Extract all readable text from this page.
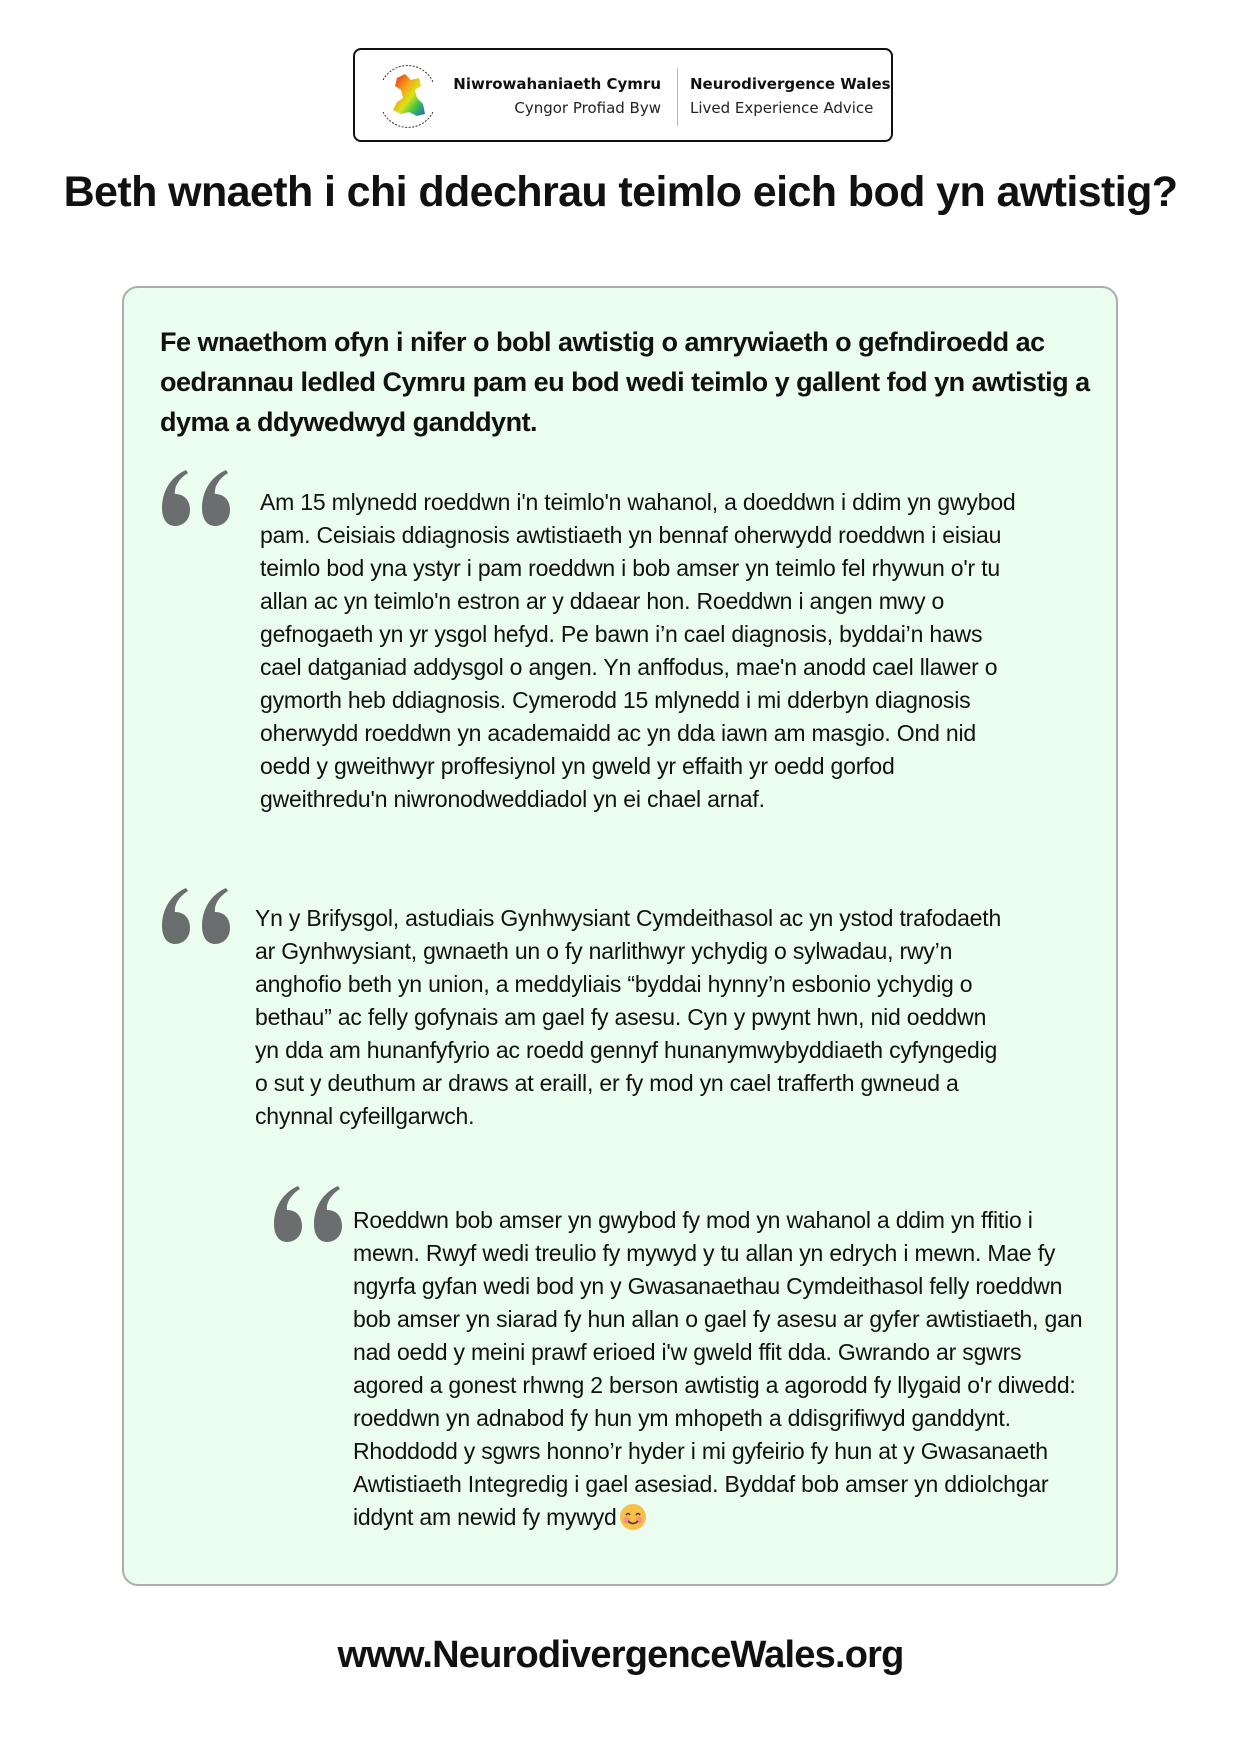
Niwrowahaniaeth Cymru
Cyngor Profiad Byw
Neurodivergence Wales
Lived Experience Advice
Beth wnaeth i chi ddechrau teimlo eich bod yn awtistig?

Fe wnaethom ofyn i nifer o bobl awtistig o amrywiaeth o gefndiroedd ac oedrannau ledled Cymru pam eu bod wedi teimlo y gallent fod yn awtistig a dyma a ddywedwyd ganddynt.

Am 15 mlynedd roeddwn i'n teimlo'n wahanol, a doeddwn i ddim yn gwybod pam. Ceisiais ddiagnosis awtistiaeth yn bennaf oherwydd roeddwn i eisiau teimlo bod yna ystyr i pam roeddwn i bob amser yn teimlo fel rhywun o'r tu allan ac yn teimlo'n estron ar y ddaear hon. Roeddwn i angen mwy o gefnogaeth yn yr ysgol hefyd. Pe bawn i’n cael diagnosis, byddai’n haws cael datganiad addysgol o angen. Yn anffodus, mae'n anodd cael llawer o gymorth heb ddiagnosis. Cymerodd 15 mlynedd i mi dderbyn diagnosis oherwydd roeddwn yn academaidd ac yn dda iawn am masgio. Ond nid oedd y gweithwyr proffesiynol yn gweld yr effaith yr oedd gorfod gweithredu'n niwronodweddiadol yn ei chael arnaf.

Yn y Brifysgol, astudiais Gynhwysiant Cymdeithasol ac yn ystod trafodaeth ar Gynhwysiant, gwnaeth un o fy narlithwyr ychydig o sylwadau, rwy’n anghofio beth yn union, a meddyliais “byddai hynny’n esbonio ychydig o bethau” ac felly gofynais am gael fy asesu. Cyn y pwynt hwn, nid oeddwn yn dda am hunanfyfyrio ac roedd gennyf hunanymwybyddiaeth cyfyngedig o sut y deuthum ar draws at eraill, er fy mod yn cael trafferth gwneud a chynnal cyfeillgarwch.

Roeddwn bob amser yn gwybod fy mod yn wahanol a ddim yn ffitio i mewn. Rwyf wedi treulio fy mywyd y tu allan yn edrych i mewn. Mae fy ngyrfa gyfan wedi bod yn y Gwasanaethau Cymdeithasol felly roeddwn bob amser yn siarad fy hun allan o gael fy asesu ar gyfer awtistiaeth, gan nad oedd y meini prawf erioed i'w gweld ffit dda. Gwrando ar sgwrs agored a gonest rhwng 2 berson awtistig a agorodd fy llygaid o'r diwedd: roeddwn yn adnabod fy hun ym mhopeth a ddisgrifiwyd ganddynt. Rhoddodd y sgwrs honno’r hyder i mi gyfeirio fy hun at y Gwasanaeth Awtistiaeth Integredig i gael asesiad. Byddaf bob amser yn ddiolchgar iddynt am newid fy mywyd

www.NeurodivergenceWales.org
